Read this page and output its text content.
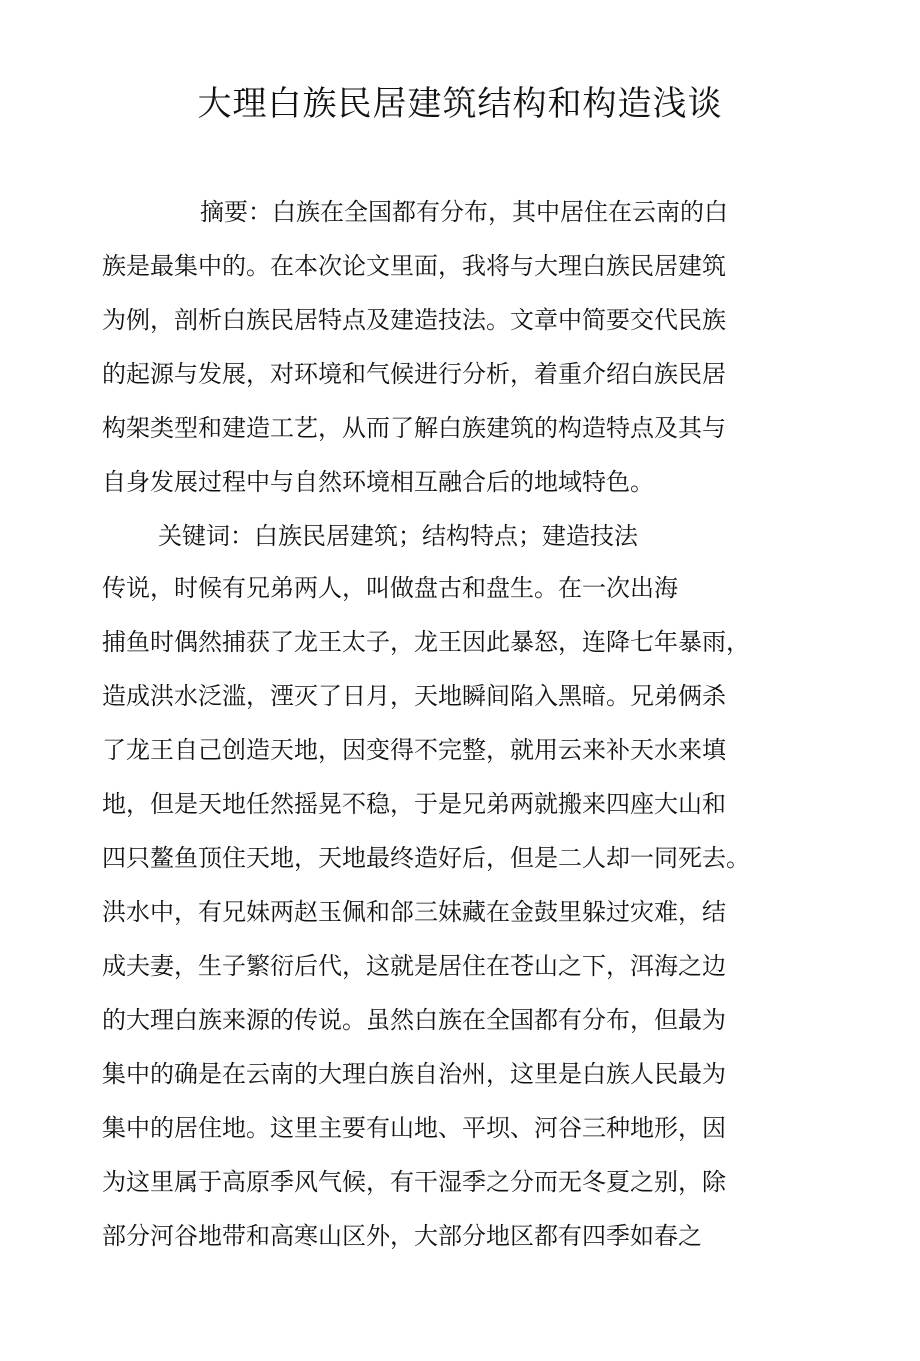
大理白族民居建筑结构和构造浅谈
摘要：白族在全国都有分布，其中居住在云南的白
族是最集中的。在本次论文里面，我将与大理白族民居建筑
为例，剖析白族民居特点及建造技法。文章中简要交代民族
的起源与发展，对环境和气候进行分析，着重介绍白族民居
构架类型和建造工艺，从而了解白族建筑的构造特点及其与
自身发展过程中与自然环境相互融合后的地域特色。
关键词：白族民居建筑；结构特点；建造技法
传说，时候有兄弟两人，叫做盘古和盘生。在一次出海
捕鱼时偶然捕获了龙王太子，龙王因此暴怒，连降七年暴雨，
造成洪水泛滥，湮灭了日月，天地瞬间陷入黑暗。兄弟俩杀
了龙王自己创造天地，因变得不完整，就用云来补天水来填
地，但是天地任然摇晃不稳，于是兄弟两就搬来四座大山和
四只鳌鱼顶住天地，天地最终造好后，但是二人却一同死去。
洪水中，有兄妹两赵玉佩和郃三妹藏在金鼓里躲过灾难，结
成夫妻，生子繁衍后代，这就是居住在苍山之下，洱海之边
的大理白族来源的传说。虽然白族在全国都有分布，但最为
集中的确是在云南的大理白族自治州，这里是白族人民最为
集中的居住地。这里主要有山地、平坝、河谷三种地形，因
为这里属于高原季风气候，有干湿季之分而无冬夏之别，除
部分河谷地带和高寒山区外，大部分地区都有四季如春之
